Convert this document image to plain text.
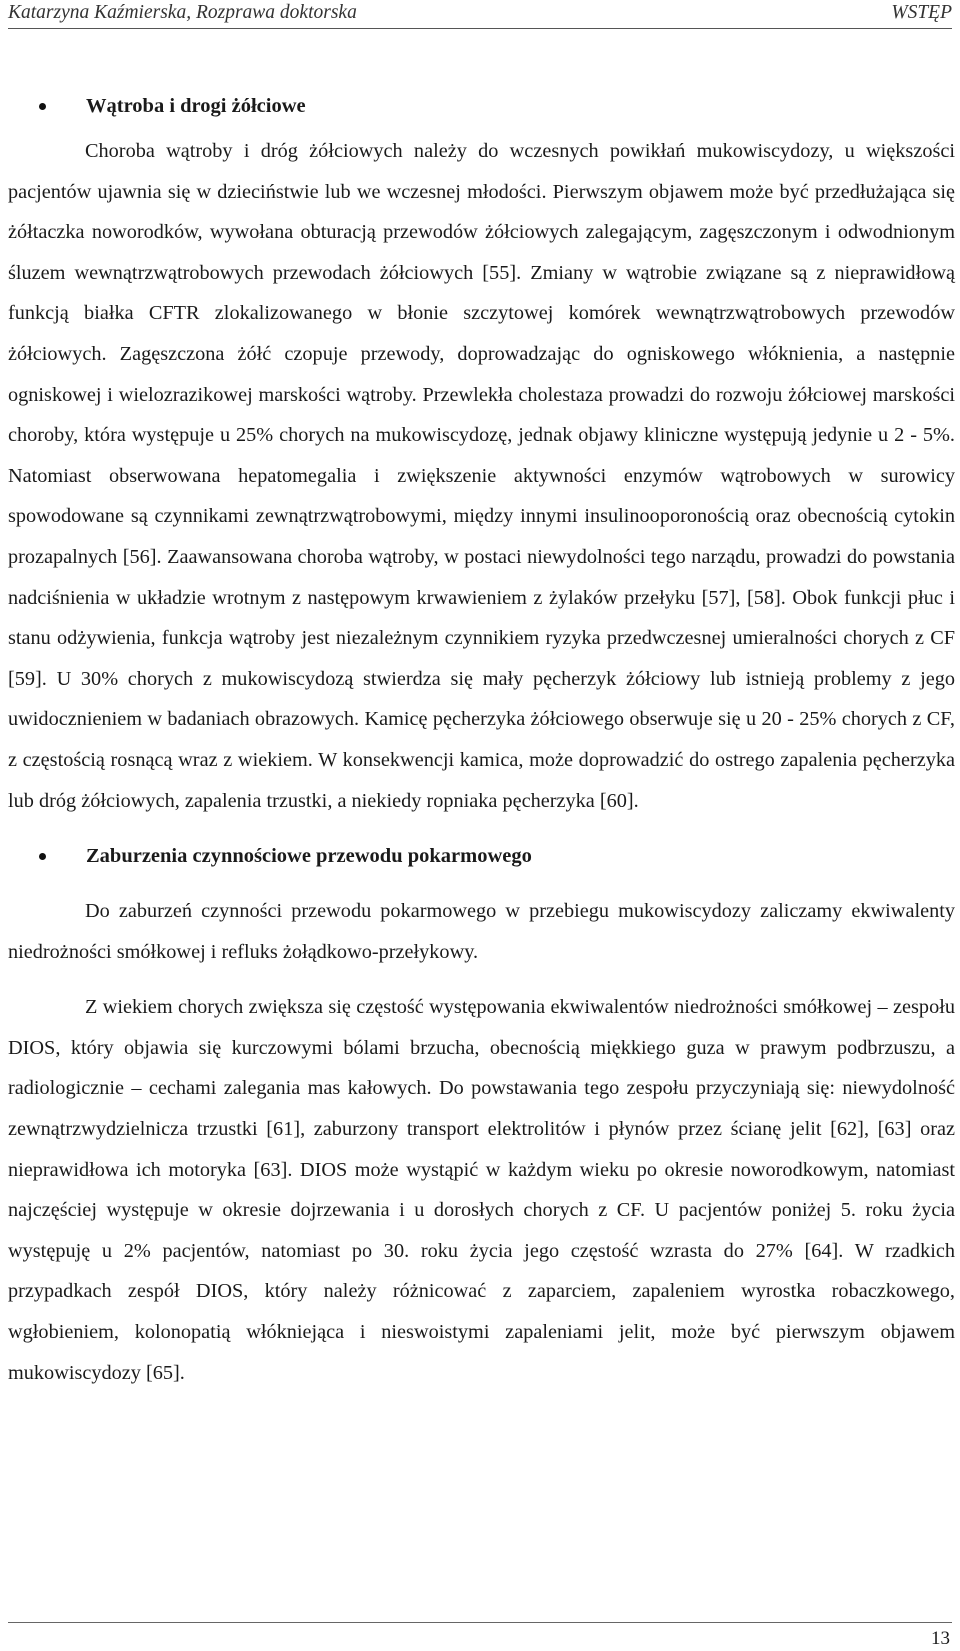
Katarzyna Kaźmierska, Rozprawa doktorska	WSTĘP
Wątroba i drogi żółciowe

Choroba wątroby i dróg żółciowych należy do wczesnych powikłań mukowiscydozy, u większości pacjentów ujawnia się w dzieciństwie lub we wczesnej młodości. Pierwszym objawem może być przedłużająca się żółtaczka noworodków, wywołana obturacją przewodów żółciowych zalegającym, zagęszczonym i odwodnionym śluzem wewnątrzwątrobowych przewodach żółciowych [55]. Zmiany w wątrobie związane są z nieprawidłową funkcją białka CFTR zlokalizowanego w błonie szczytowej komórek wewnątrzwątrobowych przewodów żółciowych. Zagęszczona żółć czopuje przewody, doprowadzając do ogniskowego włóknienia, a następnie ogniskowej i wielozrazikowej marskości wątroby. Przewlekła cholestaza prowadzi do rozwoju żółciowej marskości choroby, która występuje u 25% chorych na mukowiscydozę, jednak objawy kliniczne występują jedynie u 2 - 5%. Natomiast obserwowana hepatomegalia i zwiększenie aktywności enzymów wątrobowych w surowicy spowodowane są czynnikami zewnątrzwątrobowymi, między innymi insulinooporonością oraz obecnością cytokin prozapalnych [56]. Zaawansowana choroba wątroby, w postaci niewydolności tego narządu, prowadzi do powstania nadciśnienia w układzie wrotnym z następowym krwawieniem z żylaków przełyku [57], [58]. Obok funkcji płuc i stanu odżywienia, funkcja wątroby jest niezależnym czynnikiem ryzyka przedwczesnej umieralności chorych z CF [59]. U 30% chorych z mukowiscydozą stwierdza się mały pęcherzyk żółciowy lub istnieją problemy z jego uwidocznieniem w badaniach obrazowych. Kamicę pęcherzyka żółciowego obserwuje się u 20 - 25% chorych z CF, z częstością rosnącą wraz z wiekiem. W konsekwencji kamica, może doprowadzić do ostrego zapalenia pęcherzyka lub dróg żółciowych, zapalenia trzustki, a niekiedy ropniaka pęcherzyka [60].

Zaburzenia czynnościowe przewodu pokarmowego

Do zaburzeń czynności przewodu pokarmowego w przebiegu mukowiscydozy zaliczamy ekwiwalenty niedrożności smółkowej i refluks żołądkowo-przełykowy.

Z wiekiem chorych zwiększa się częstość występowania ekwiwalentów niedrożności smółkowej – zespołu DIOS, który objawia się kurczowymi bólami brzucha, obecnością miękkiego guza w prawym podbrzuszu, a radiologicznie – cechami zalegania mas kałowych. Do powstawania tego zespołu przyczyniają się: niewydolność zewnątrzwydzielnicza trzustki [61], zaburzony transport elektrolitów i płynów przez ścianę jelit [62], [63] oraz nieprawidłowa ich motoryka [63]. DIOS może wystąpić w każdym wieku po okresie noworodkowym, natomiast najczęściej występuje w okresie dojrzewania i u dorosłych chorych z CF. U pacjentów poniżej 5. roku życia występuję u 2% pacjentów, natomiast po 30. roku życia jego częstość wzrasta do 27% [64]. W rzadkich przypadkach zespół DIOS, który należy różnicować z zaparciem, zapaleniem wyrostka robaczkowego, wgłobieniem, kolonopatią włókniejąca i nieswoistymi zapaleniami jelit, może być pierwszym objawem mukowiscydozy [65].

13
